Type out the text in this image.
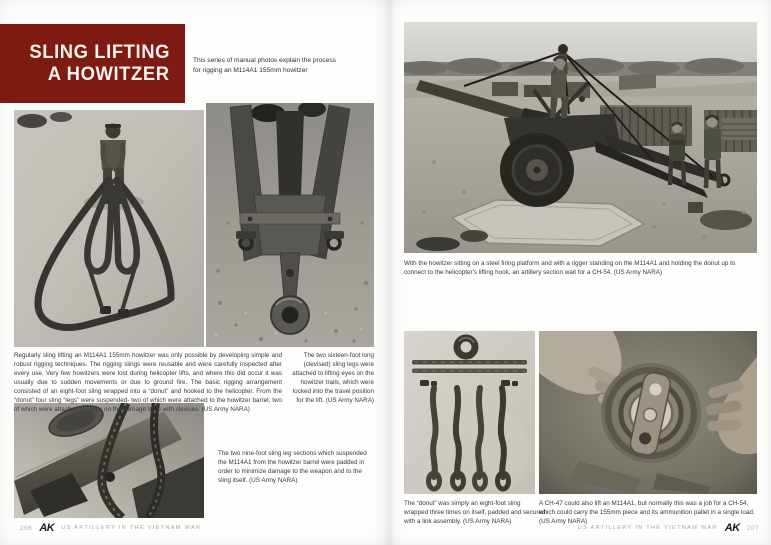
SLING LIFTING
A HOWITZER
This series of manual photos explain the process
for rigging an M114A1 155mm howitzer
Regularly sling lifting an M114A1 155mm howitzer was only possible by developing simple and robust rigging techniques. The rigging slings were reusable and were carefully inspected after every use. Very few howitzers were lost during helicopter lifts, and where this did occur it was usually due to sudden movements or due to ground fire. The basic rigging arrangement consisted of an eight-foot sling wrapped into a “donut” and hooked to the helicopter. From the “donut” four sling “legs” were suspended- two of which were attached to the howitzer barrel, two of which were attached to loops on the carriage trails with clevises. (US Army NARA)
The two sixteen-foot long (clevised) sling legs were attached to lifting eyes on the howitzer trails, which were locked into the travel position for the lift. (US Army NARA)
The two nine-foot sling leg sections which suspended the M114A1 from the howitzer barrel were padded in order to minimize damage to the weapon and to the sling itself. (US Army NARA)
206 AK US ARTILLERY IN THE VIETNAM WAR
With the howitzer sitting on a steel firing platform and with a rigger standing on the M114A1 and holding the donut up to connect to the helicopter's lifting hook, an artillery section wait for a CH-54. (US Army NARA)
The “donut” was simply an eight-foot sling wrapped three times on itself, padded and secured with a link assembly. (US Army NARA)
A CH-47 could also lift an M114A1, but normally this was a job for a CH-54, which could carry the 155mm piece and its ammunition pallet in a single load. (US Army NARA)
US ARTILLERY IN THE VIETNAM WAR AK 207
